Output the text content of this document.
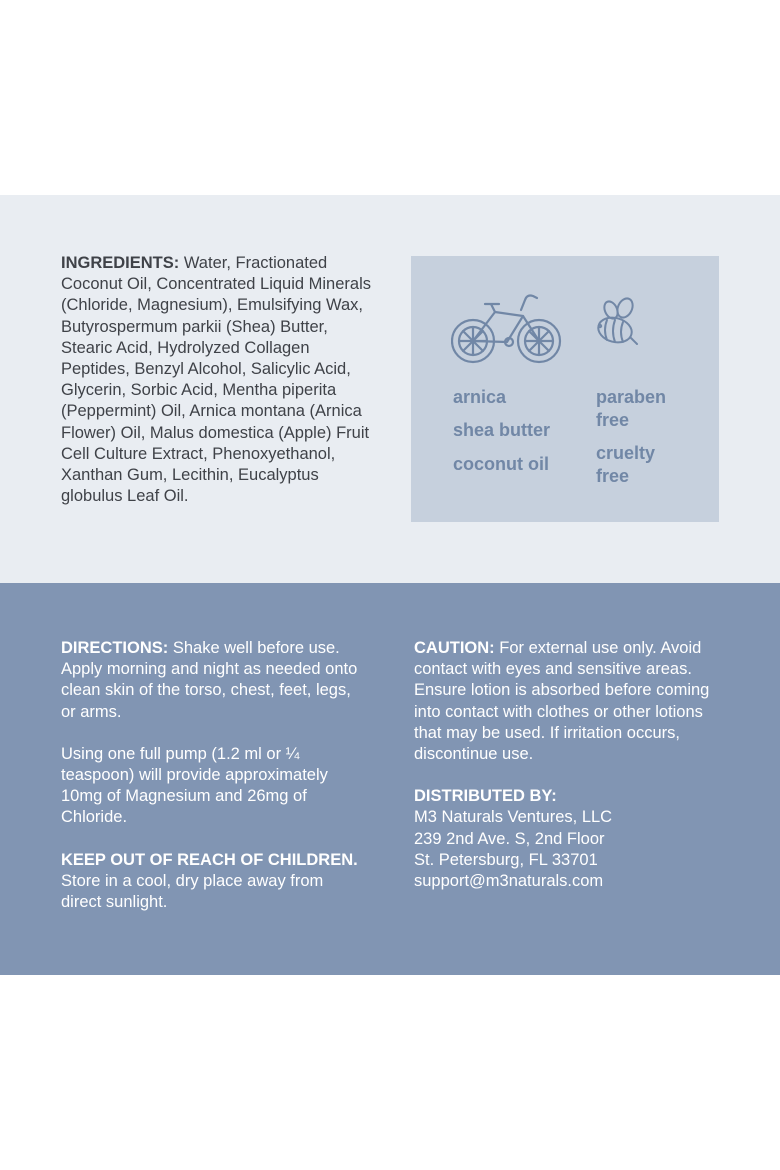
INGREDIENTS: Water, Fractionated Coconut Oil, Concentrated Liquid Minerals (Chloride, Magnesium), Emulsifying Wax, Butyrospermum parkii (Shea) Butter, Stearic Acid, Hydrolyzed Collagen Peptides, Benzyl Alcohol, Salicylic Acid, Glycerin, Sorbic Acid, Mentha piperita (Peppermint) Oil, Arnica montana (Arnica Flower) Oil, Malus domestica (Apple) Fruit Cell Culture Extract, Phenoxyethanol, Xanthan Gum, Lecithin, Eucalyptus globulus Leaf Oil.
arnica
shea butter
coconut oil
paraben free
cruelty free

DIRECTIONS: Shake well before use. Apply morning and night as needed onto clean skin of the torso, chest, feet, legs, or arms.

Using one full pump (1.2 ml or ¼ teaspoon) will provide approximately 10mg of Magnesium and 26mg of Chloride.

KEEP OUT OF REACH OF CHILDREN. Store in a cool, dry place away from direct sunlight.

CAUTION: For external use only. Avoid contact with eyes and sensitive areas. Ensure lotion is absorbed before coming into contact with clothes or other lotions that may be used. If irritation occurs, discontinue use.

DISTRIBUTED BY:

M3 Naturals Ventures, LLC

239 2nd Ave. S, 2nd Floor

St. Petersburg, FL 33701

support@m3naturals.com
